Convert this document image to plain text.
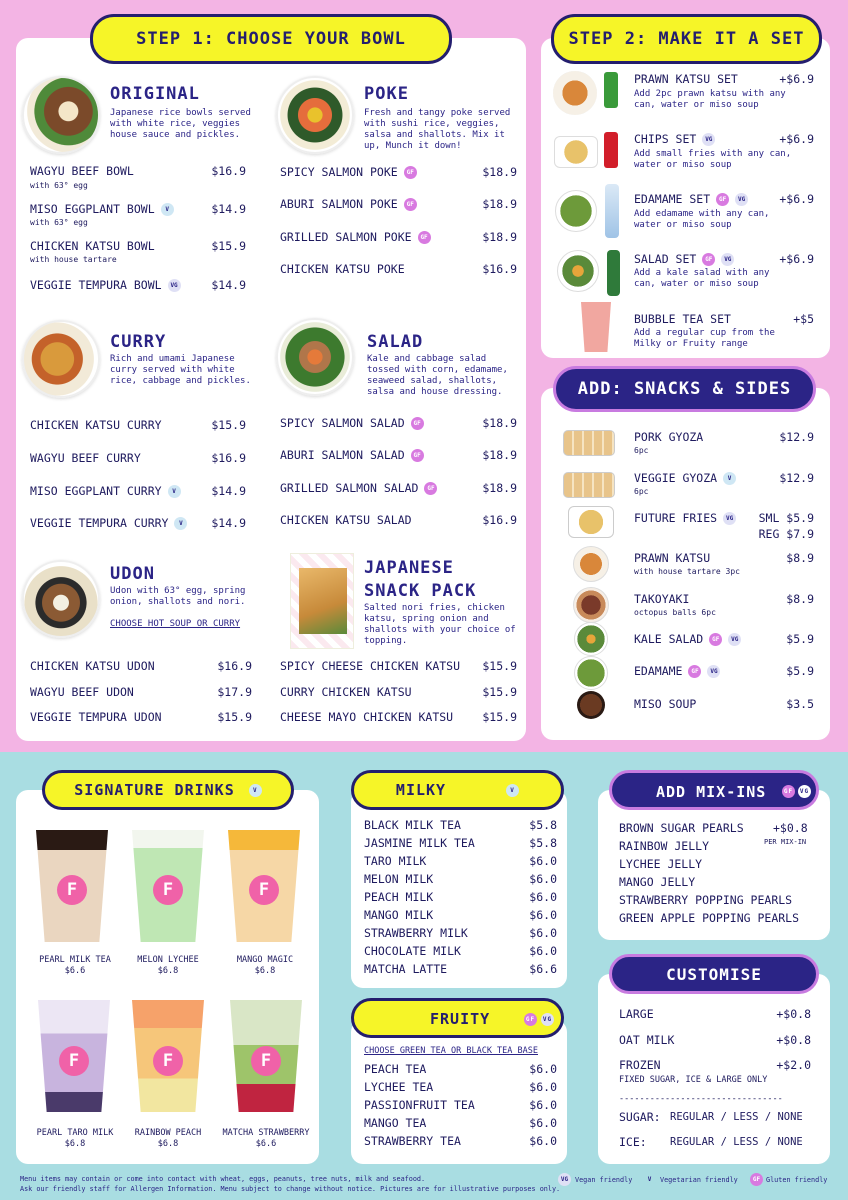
STEP 1: CHOOSE YOUR BOWL
ORIGINAL
Japanese rice bowls served with white rice, veggies house sauce and pickles.
WAGYU BEEF BOWL	$16.9
with 63° egg
MISO EGGPLANT BOWL	V	$14.9
with 63° egg
CHICKEN KATSU BOWL	$15.9
with house tartare
VEGGIE TEMPURA BOWL	VG	$14.9
POKE
Fresh and tangy poke served with sushi rice, veggies, salsa and shallots. Mix it up, Munch it down!
SPICY SALMON POKE	GF	$18.9
ABURI SALMON POKE	GF	$18.9
GRILLED SALMON POKE	GF	$18.9
CHICKEN KATSU POKE	$16.9
CURRY
Rich and umami Japanese curry served with white rice, cabbage and pickles.
CHICKEN KATSU CURRY	$15.9
WAGYU BEEF CURRY	$16.9
MISO EGGPLANT CURRY	V	$14.9
VEGGIE TEMPURA CURRY	V	$14.9
SALAD
Kale and cabbage salad tossed with corn, edamame, seaweed salad, shallots, salsa and house dressing.
SPICY SALMON SALAD	GF	$18.9
ABURI SALMON SALAD	GF	$18.9
GRILLED SALMON SALAD	GF	$18.9
CHICKEN KATSU SALAD	$16.9
UDON
Udon with 63° egg, spring onion, shallots and nori.
CHOOSE HOT SOUP OR CURRY
CHICKEN KATSU UDON	$16.9
WAGYU BEEF UDON	$17.9
VEGGIE TEMPURA UDON	$15.9
JAPANESE
SNACK PACK
Salted nori fries, chicken katsu, spring onion and shallots with your choice of topping.
SPICY CHEESE CHICKEN KATSU	$15.9
CURRY CHICKEN KATSU	$15.9
CHEESE MAYO CHICKEN KATSU	$15.9
STEP 2: MAKE IT A SET
PRAWN KATSU SET	+$6.9
Add 2pc prawn katsu with any can, water or miso soup
CHIPS SET	VG	+$6.9
Add small fries with any can, water or miso soup
EDAMAME SET	GF	VG	+$6.9
Add edamame with any can, water or miso soup
SALAD SET	GF	VG	+$6.9
Add a kale salad with any can, water or miso soup
BUBBLE TEA SET	+$5
Add a regular cup from the Milky or Fruity range
ADD: SNACKS & SIDES
PORK GYOZA	$12.9
6pc
VEGGIE GYOZA	V	$12.9
6pc
FUTURE FRIES	VG SML $5.9
REG $7.9
PRAWN KATSU	$8.9
with house tartare 3pc
TAKOYAKI	$8.9
octopus balls 6pc
KALE SALAD	GF	VG	$5.9
EDAMAME	GF	VG	$5.9
MISO SOUP	$3.5
SIGNATURE DRINKS	V
F
PEARL MILK TEA
$6.6
F
MELON LYCHEE
$6.8
F
MANGO MAGIC
$6.8
F
PEARL TARO MILK
$6.8
F
RAINBOW PEACH
$6.8
F
MATCHA STRAWBERRY
$6.6
MILKY	V
BLACK MILK TEA	$5.8
JASMINE MILK TEA	$5.8
TARO MILK	$6.0
MELON MILK	$6.0
PEACH MILK	$6.0
MANGO MILK	$6.0
STRAWBERRY MILK	$6.0
CHOCOLATE MILK	$6.0
MATCHA LATTE	$6.6
FRUITY	GF	VG
CHOOSE GREEN TEA OR BLACK TEA BASE
PEACH TEA	$6.0
LYCHEE TEA	$6.0
PASSIONFRUIT TEA	$6.0
MANGO TEA	$6.0
STRAWBERRY TEA	$6.0
ADD MIX-INS	GF	VG
BROWN SUGAR PEARLS
RAINBOW JELLY
LYCHEE JELLY
MANGO JELLY
STRAWBERRY POPPING PEARLS
GREEN APPLE POPPING PEARLS
+$0.8
PER MIX-IN
CUSTOMISE
LARGE	+$0.8
OAT MILK	+$0.8
FROZEN	+$2.0
FIXED SUGAR, ICE & LARGE ONLY
--------------------------------
SUGAR: REGULAR / LESS / NONE
ICE: REGULAR / LESS / NONE
Menu items may contain or come into contact with wheat, eggs, peanuts, tree nuts, milk and seafood.
Ask our friendly staff for Allergen Information. Menu subject to change without notice. Pictures are for illustrative purposes only.
VG	Vegan friendly	V	Vegetarian friendly	GF Gluten friendly
